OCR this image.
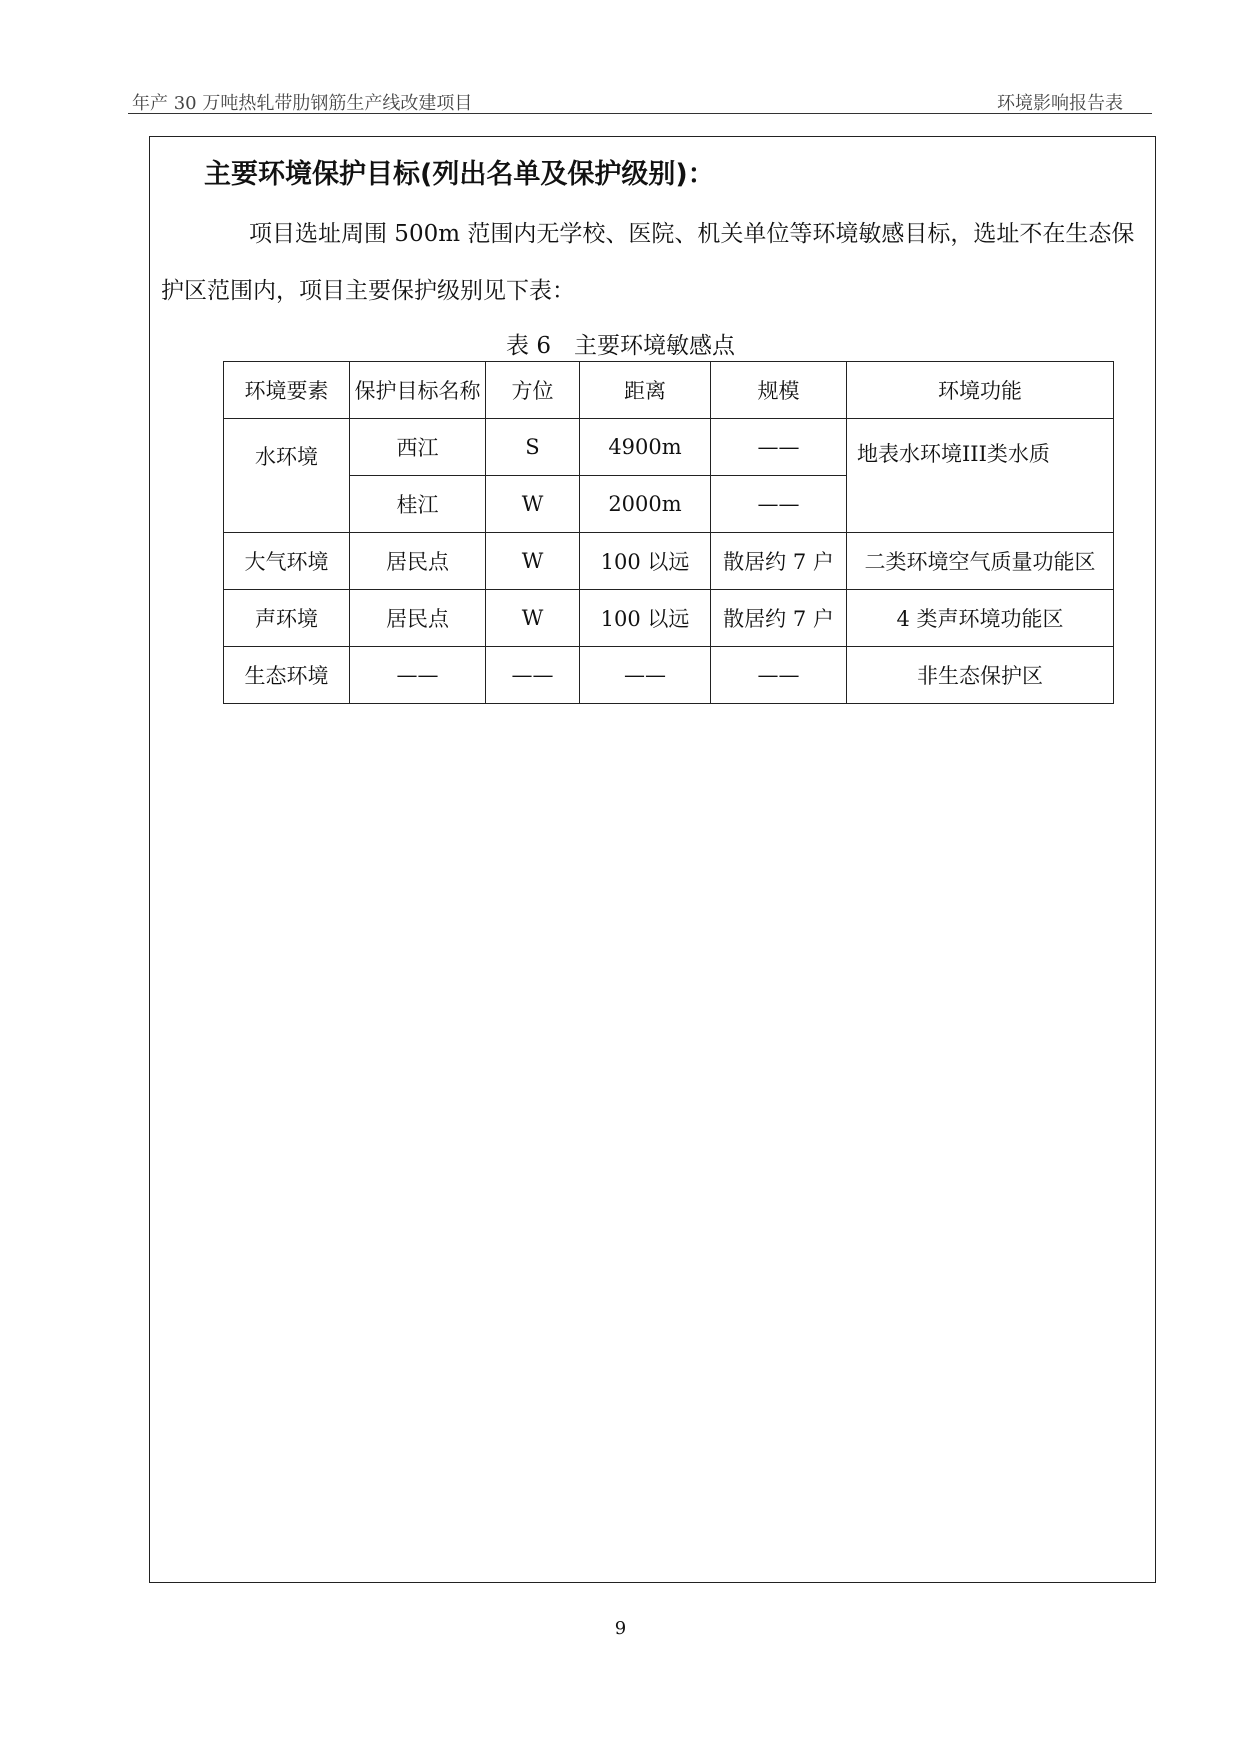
年产 30 万吨热轧带肋钢筋生产线改建项目	环境影响报告表
主要环境保护目标(列出名单及保护级别)：

项目选址周围 500m 范围内无学校、医院、机关单位等环境敏感目标，选址不在生态保护区范围内，项目主要保护级别见下表：

表 6　主要环境敏感点
环境要素	保护目标名称	方位	距离	规模	环境功能
水环境	西江	S	4900m	——	地表水环境III类水质

	桂江	W	2000m	——	
大气环境	居民点	W	100 以远	散居约 7 户	二类环境空气质量功能区
声环境	居民点	W	100 以远	散居约 7 户	4 类声环境功能区
生态环境	——	——	——	——	非生态保护区
9
